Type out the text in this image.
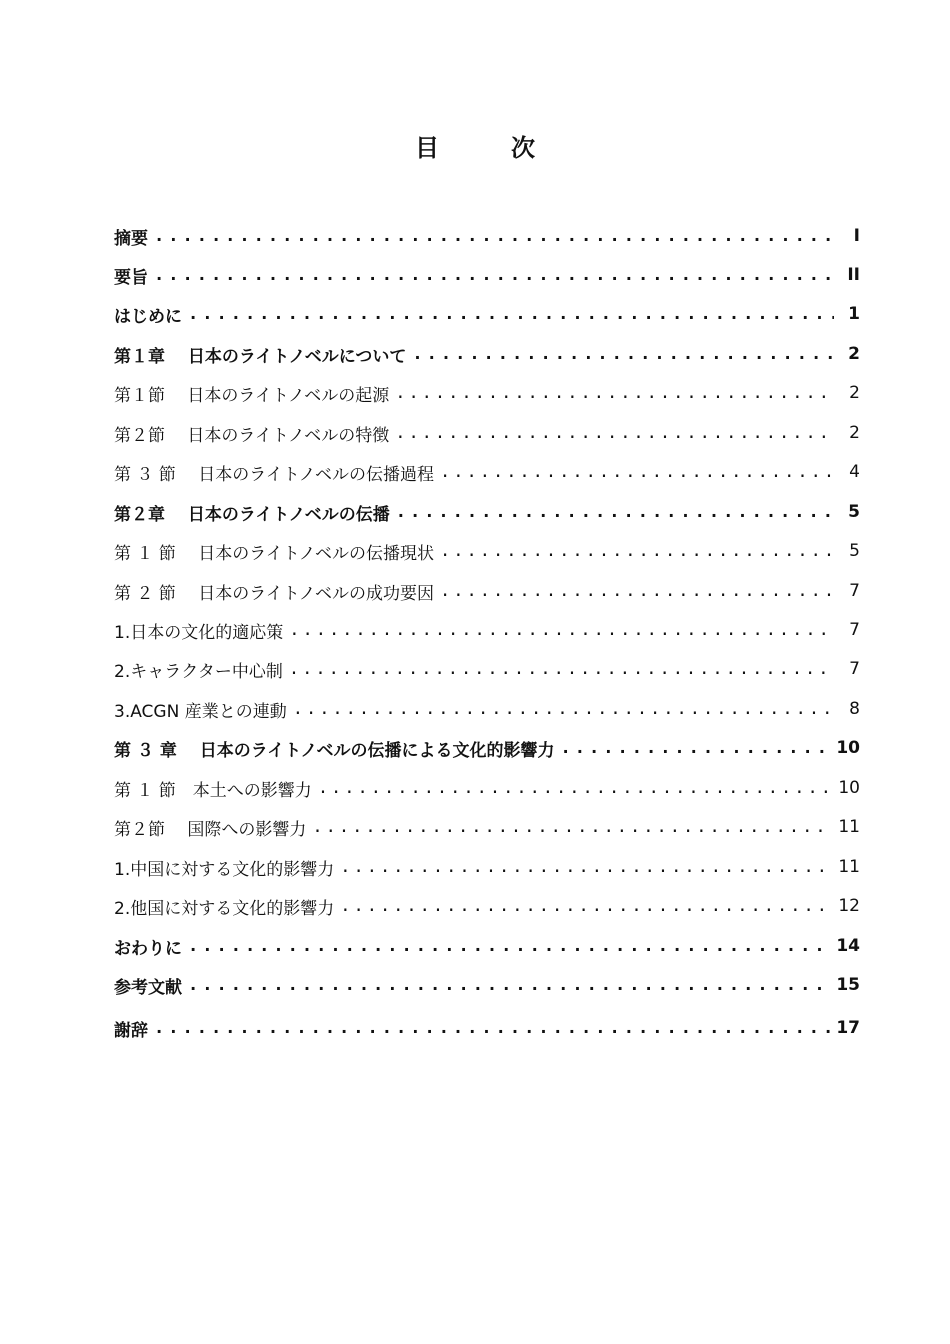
目　次
摘要 .....	I
要旨 .....	II
はじめに .....	1
第１章　 日本のライトノベルについて .....	2
第１節　 日本のライトノベルの起源 .....	2
第２節　 日本のライトノベルの特徴 .....	2
第 ３ 節　 日本のライトノベルの伝播過程 .....	4
第２章　 日本のライトノベルの伝播 .....	5
第 １ 節　 日本のライトノベルの伝播現状 .....	5
第 ２ 節　 日本のライトノベルの成功要因 .....	7
1.日本の文化的適応策 .....	7
2.キャラクター中心制 .....	7
3.ACGN 産業との連動 .....	8
第 ３ 章　 日本のライトノベルの伝播による文化的影響力 .....	10
第 １ 節　本土への影響力 .....	10
第２節　 国際への影響力 .....	11
1.中国に対する文化的影響力 .....	11
2.他国に対する文化的影響力 .....	12
おわりに .....	14
参考文献 .....	15
謝辞 .....	17
